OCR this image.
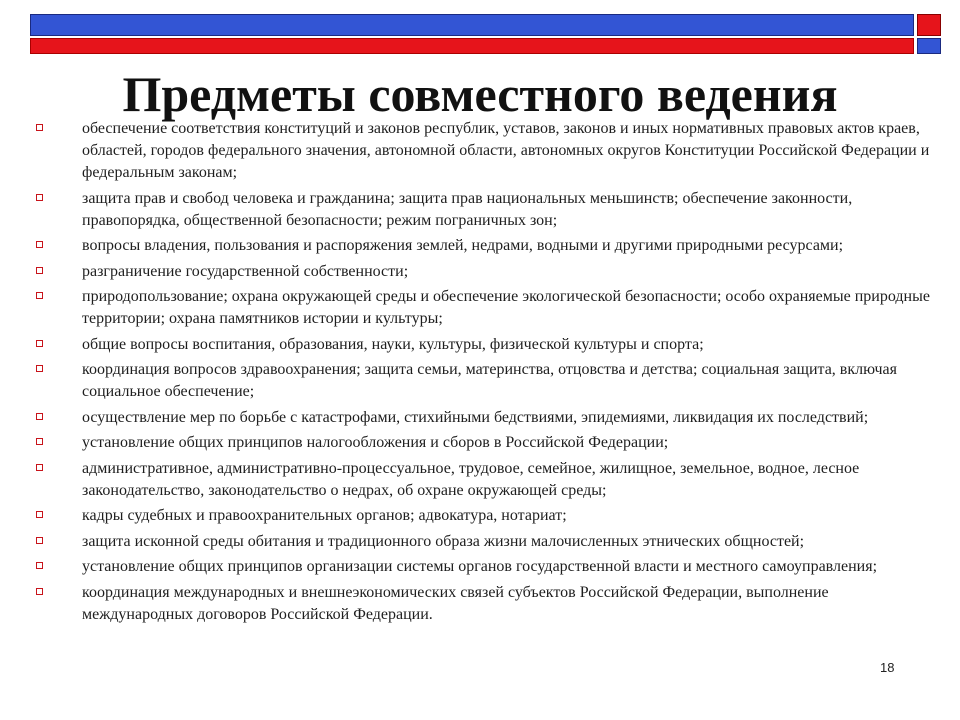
Предметы совместного ведения
обеспечение соответствия конституций и законов республик, уставов, законов и иных нормативных правовых актов краев, областей, городов федерального значения, автономной области, автономных округов Конституции Российской Федерации и федеральным законам;
защита прав и свобод человека и гражданина; защита прав национальных меньшинств; обеспечение законности, правопорядка, общественной безопасности; режим пограничных зон;
вопросы владения, пользования и распоряжения землей, недрами, водными и другими природными ресурсами;
разграничение государственной собственности;
природопользование; охрана окружающей среды и обеспечение экологической безопасности; особо охраняемые природные территории; охрана памятников истории и культуры;
общие вопросы воспитания, образования, науки, культуры, физической культуры и спорта;
координация вопросов здравоохранения; защита семьи, материнства, отцовства и детства; социальная защита, включая социальное обеспечение;
осуществление мер по борьбе с катастрофами, стихийными бедствиями, эпидемиями, ликвидация их последствий;
установление общих принципов налогообложения и сборов в Российской Федерации;
административное, административно-процессуальное, трудовое, семейное, жилищное, земельное, водное, лесное законодательство, законодательство о недрах, об охране окружающей среды;
кадры судебных и правоохранительных органов; адвокатура, нотариат;
защита исконной среды обитания и традиционного образа жизни малочисленных этнических общностей;
установление общих принципов организации системы органов государственной власти и местного самоуправления;
координация международных и внешнеэкономических связей субъектов Российской Федерации, выполнение международных договоров Российской Федерации.
18
